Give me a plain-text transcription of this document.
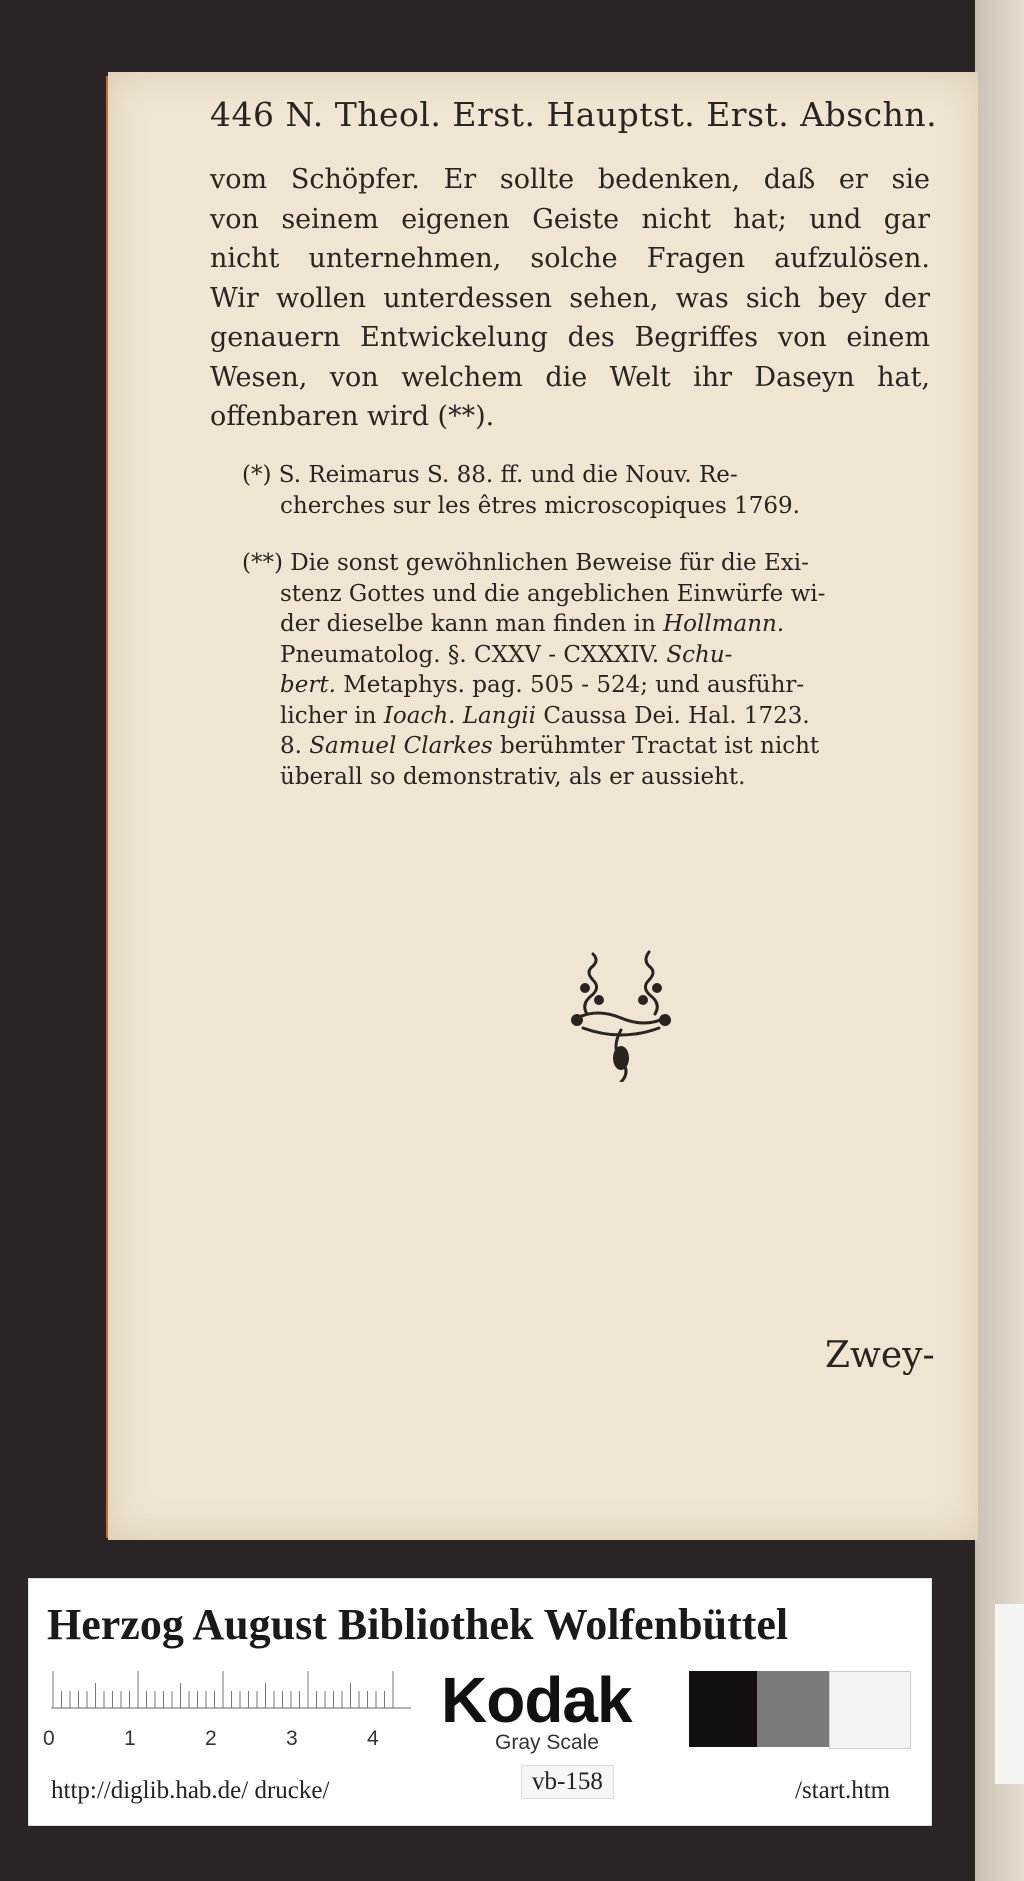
446 N. Theol. Erst. Hauptst. Erst. Abschn.
vom Schöpfer. Er sollte bedenken, daß er sie
von seinem eigenen Geiste nicht hat; und gar
nicht unternehmen, solche Fragen aufzulösen.
Wir wollen unterdessen sehen, was sich bey der
genauern Entwickelung des Begriffes von einem
Wesen, von welchem die Welt ihr Daseyn hat,
offenbaren wird (**).
(*) S. Reimarus S. 88. ff. und die Nouv. Re-
cherches sur les êtres microscopiques 1769.
(**) Die sonst gewöhnlichen Beweise für die Exi-
stenz Gottes und die angeblichen Einwürfe wi-
der dieselbe kann man finden in Hollmann.
Pneumatolog. §. CXXV - CXXXIV. Schu-
bert. Metaphys. pag. 505 - 524; und ausführ-
licher in Ioach. Langii Caussa Dei. Hal. 1723.
8. Samuel Clarkes berühmter Tractat ist nicht
überall so demonstrativ, als er aussieht.
Zwey-
Herzog August Bibliothek Wolfenbüttel
0	1	2	3	4
Kodak
Gray Scale
http://diglib.hab.de/ drucke/	vb-158	/start.htm
